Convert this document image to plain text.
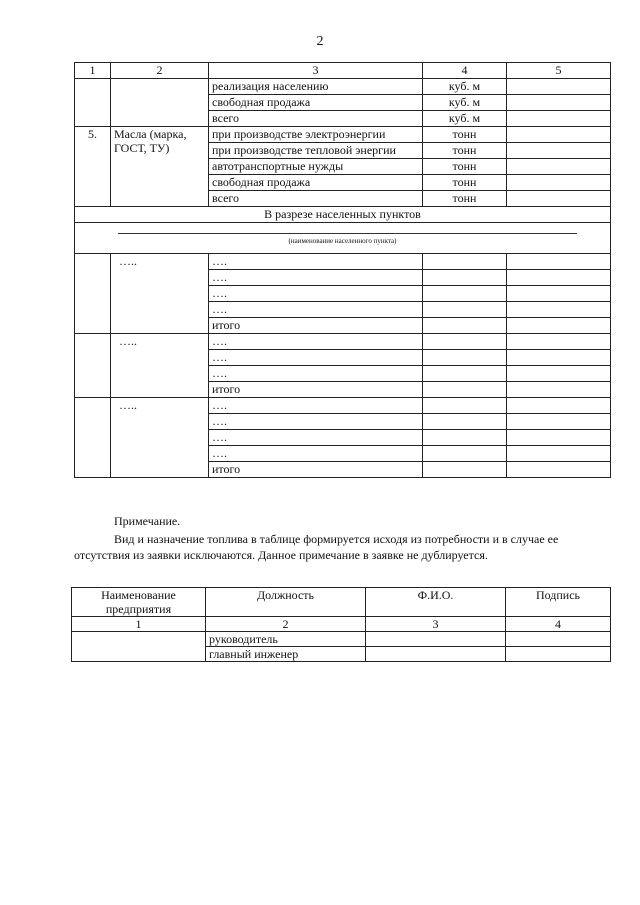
2
1	2	3	4	5
		реализация населению	куб. м	
		свободная продажа	куб. м	
		всего	куб. м	
5.	Масла (марка, ГОСТ, ТУ)	при производстве электроэнергии	тонн	
		при производстве тепловой энергии	тонн	
		автотранспортные нужды	тонн	
		свободная продажа	тонн	
		всего	тонн	
В разрезе населенных пунктов				

(наименование населенного пункта)				

	…..	….		
		….		
		….		
		….		
		итого		
	…..	….		
		….		
		….		
		итого		
	…..	….		
		….		
		….		
		….		
		итого		
Примечание.
Вид и назначение топлива в таблице формируется исходя из потребности и в случае ее отсутствия из заявки исключаются. Данное примечание в заявке не дублируется.
Наименование предприятия	Должность	Ф.И.О.	Подпись
1	2	3	4
	руководитель		
	главный инженер		
